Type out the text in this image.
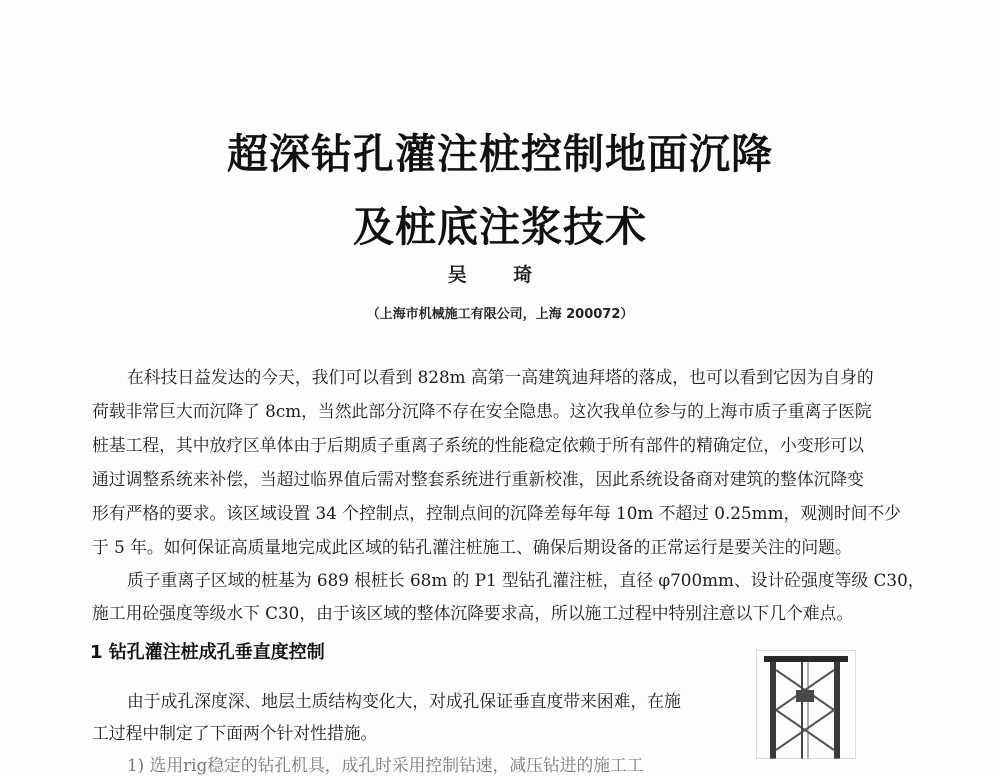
超深钻孔灌注桩控制地面沉降
及桩底注浆技术
吴 琦
（上海市机械施工有限公司，上海 200072）
在科技日益发达的今天，我们可以看到 828m 高第一高建筑迪拜塔的落成，也可以看到它因为自身的
荷载非常巨大而沉降了 8cm，当然此部分沉降不存在安全隐患。这次我单位参与的上海市质子重离子医院
桩基工程，其中放疗区单体由于后期质子重离子系统的性能稳定依赖于所有部件的精确定位，小变形可以
通过调整系统来补偿，当超过临界值后需对整套系统进行重新校准，因此系统设备商对建筑的整体沉降变
形有严格的要求。该区域设置 34 个控制点，控制点间的沉降差每年每 10m 不超过 0.25mm，观测时间不少
于 5 年。如何保证高质量地完成此区域的钻孔灌注桩施工、确保后期设备的正常运行是要关注的问题。
质子重离子区域的桩基为 689 根桩长 68m 的 P1 型钻孔灌注桩，直径 φ700mm、设计砼强度等级 C30，
施工用砼强度等级水下 C30，由于该区域的整体沉降要求高，所以施工过程中特别注意以下几个难点。
1 钻孔灌注桩成孔垂直度控制
由于成孔深度深、地层土质结构变化大，对成孔保证垂直度带来困难，在施
工过程中制定了下面两个针对性措施。
1) 选用rig稳定的钻孔机具，成孔时采用控制钻速，减压钻进的施工工
